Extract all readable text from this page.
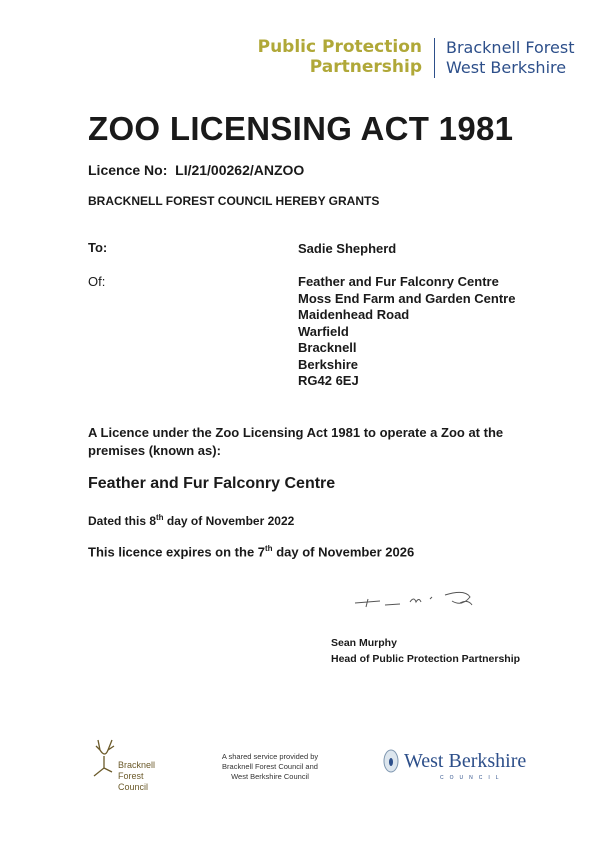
Public Protection
Partnership
Bracknell Forest
West Berkshire
ZOO LICENSING ACT 1981
Licence No: LI/21/00262/ANZOO
BRACKNELL FOREST COUNCIL HEREBY GRANTS
To:	Sadie Shepherd
Of:	Feather and Fur Falconry Centre
Moss End Farm and Garden Centre
Maidenhead Road
Warfield
Bracknell
Berkshire
RG42 6EJ
A Licence under the Zoo Licensing Act 1981 to operate a Zoo at the premises (known as):
Feather and Fur Falconry Centre
Dated this 8th day of November 2022
This licence expires on the 7th day of November 2026
Sean Murphy
Head of Public Protection Partnership
Bracknell
Forest
Council
A shared service provided by
Bracknell Forest Council and
West Berkshire Council
West Berkshire
COUNCIL
